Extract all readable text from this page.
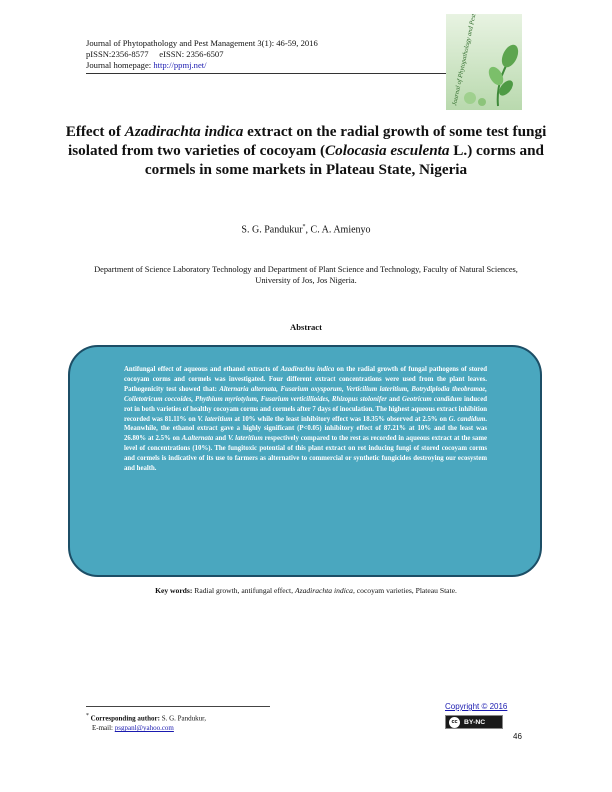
Journal of Phytopathology and Pest Management 3(1): 46-59, 2016
pISSN:2356-8577     eISSN: 2356-6507
Journal homepage: http://ppmj.net/
Effect of Azadirachta indica extract on the radial growth of some test fungi isolated from two varieties of cocoyam (Colocasia esculenta L.) corms and cormels in some markets in Plateau State, Nigeria
S. G. Pandukur*, C. A. Amienyo
Department of Science Laboratory Technology and Department of Plant Science and Technology, Faculty of Natural Sciences, University of Jos, Jos Nigeria.
Abstract
Antifungal effect of aqueous and ethanol extracts of Azadirachta indica on the radial growth of fungal pathogens of stored cocoyam corms and cormels was investigated. Four different extract concentrations were used from the plant leaves. Pathogenicity test showed that: Alternaria alternata, Fusarium oxysporum, Verticilium lateritium, Botrydiplodia theobramae, Colletotricum coccoides, Phythium myriotylum, Fusarium verticillioides, Rhizopus stolonifer and Geotricum candidum induced rot in both varieties of healthy cocoyam corms and cormels after 7 days of inoculation. The highest aqueous extract inhibition recorded was 81.11% on V. lateritium at 10% while the least inhibitory effect was 18.35% observed at 2.5% on G. candidum. Meanwhile, the ethanol extract gave a highly significant (P<0.05) inhibitory effect of 87.21% at 10% and the least was 26.80% at 2.5% on A.alternata and V. lateritium respectively compared to the rest as recorded in aqueous extract at the same level of concentrations (10%). The fungitoxic potential of this plant extract on rot inducing fungi of stored cocoyam corms and cormels is indicative of its use to farmers as alternative to commercial or synthetic fungicides destroying our ecosystem and health.
Key words: Radial growth, antifungal effect, Azadirachta indica, cocoyam varieties, Plateau State.
* Corresponding author: S. G. Pandukur,
E-mail: psgpanl@yahoo.com
Copyright © 2016
cc BY-NC
46
